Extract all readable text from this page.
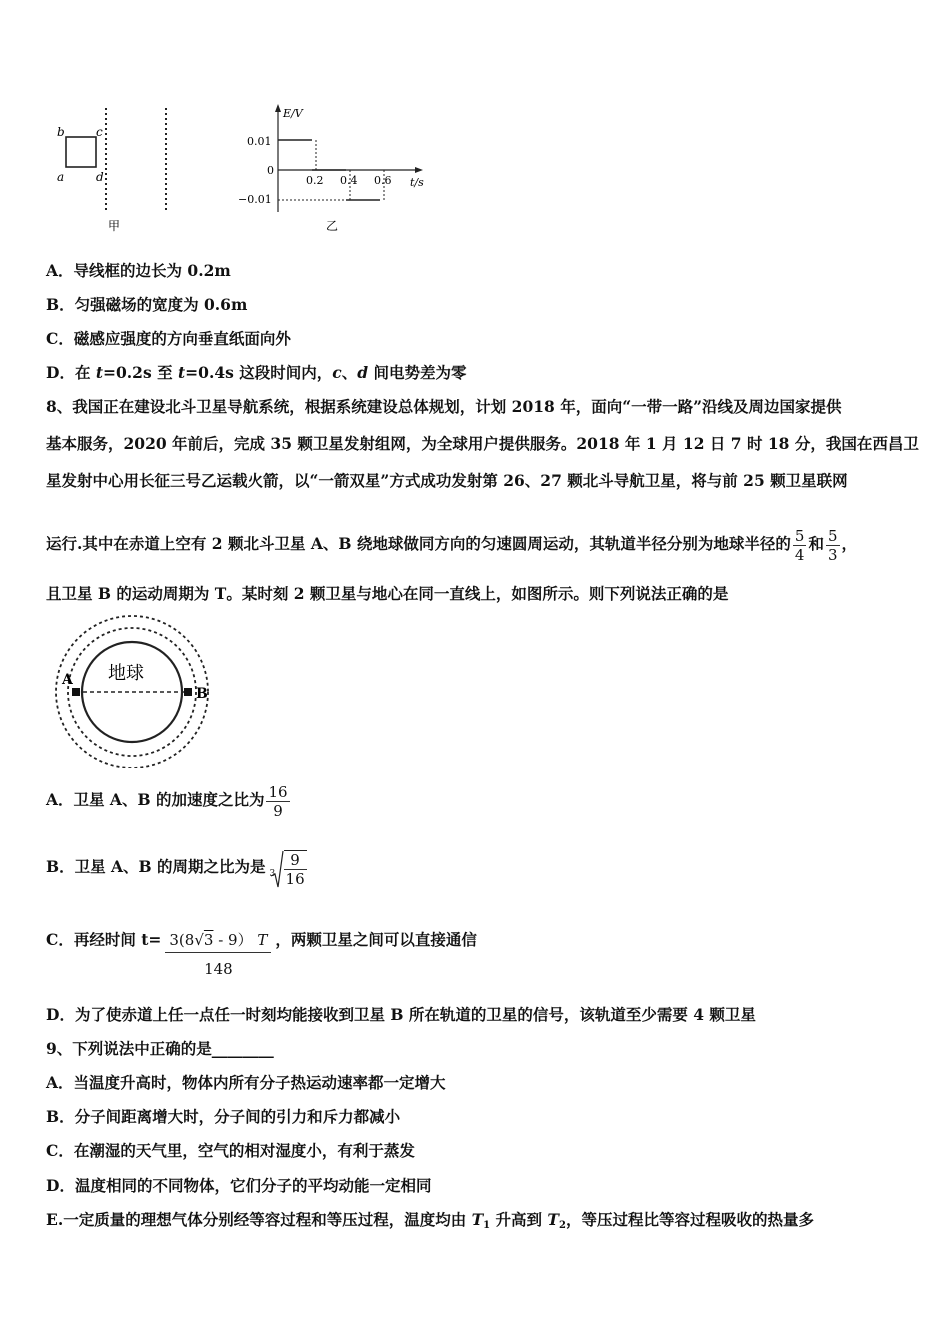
b	c
a	d
甲
E/V
t/s
0
0.01
−0.01
0.2 0.4 0.6
乙
A．导线框的边长为 0.2m
B．匀强磁场的宽度为 0.6m
C．磁感应强度的方向垂直纸面向外
D．在 t=0.2s 至 t=0.4s 这段时间内，c、d 间电势差为零
8、我国正在建设北斗卫星导航系统，根据系统建设总体规划，计划 2018 年，面向“一带一路”沿线及周边国家提供
基本服务，2020 年前后，完成 35 颗卫星发射组网，为全球用户提供服务。2018 年 1 月 12 日 7 时 18 分，我国在西昌卫
星发射中心用长征三号乙运载火箭，以“一箭双星”方式成功发射第 26、27 颗北斗导航卫星，将与前 25 颗卫星联网
运行.其中在赤道上空有 2 颗北斗卫星 A、B 绕地球做同方向的匀速圆周运动，其轨道半径分别为地球半径的 $\frac{5}{4}$ 和 $\frac{5}{3}$ ，
且卫星 B 的运动周期为 T。某时刻 2 颗卫星与地心在同一直线上，如图所示。则下列说法正确的是
地球
A
B
A．卫星 A、B 的加速度之比为 $\frac{16}{9}$
B．卫星 A、B 的周期之比为是 $3 \frac{9}{16}$
C．再经时间 $t= \frac{3(8√3 - 9) T}{148}$ ，两颗卫星之间可以直接通信
D．为了使赤道上任一点任一时刻均能接收到卫星 B 所在轨道的卫星的信号，该轨道至少需要 4 颗卫星
9、下列说法中正确的是________
A．当温度升高时，物体内所有分子热运动速率都一定增大
B．分子间距离增大时，分子间的引力和斥力都减小
C．在潮湿的天气里，空气的相对湿度小，有利于蒸发
D．温度相同的不同物体，它们分子的平均动能一定相同
E.一定质量的理想气体分别经等容过程和等压过程，温度均由 $T_1$ 升高到 $T_2$，等压过程比等容过程吸收的热量多
